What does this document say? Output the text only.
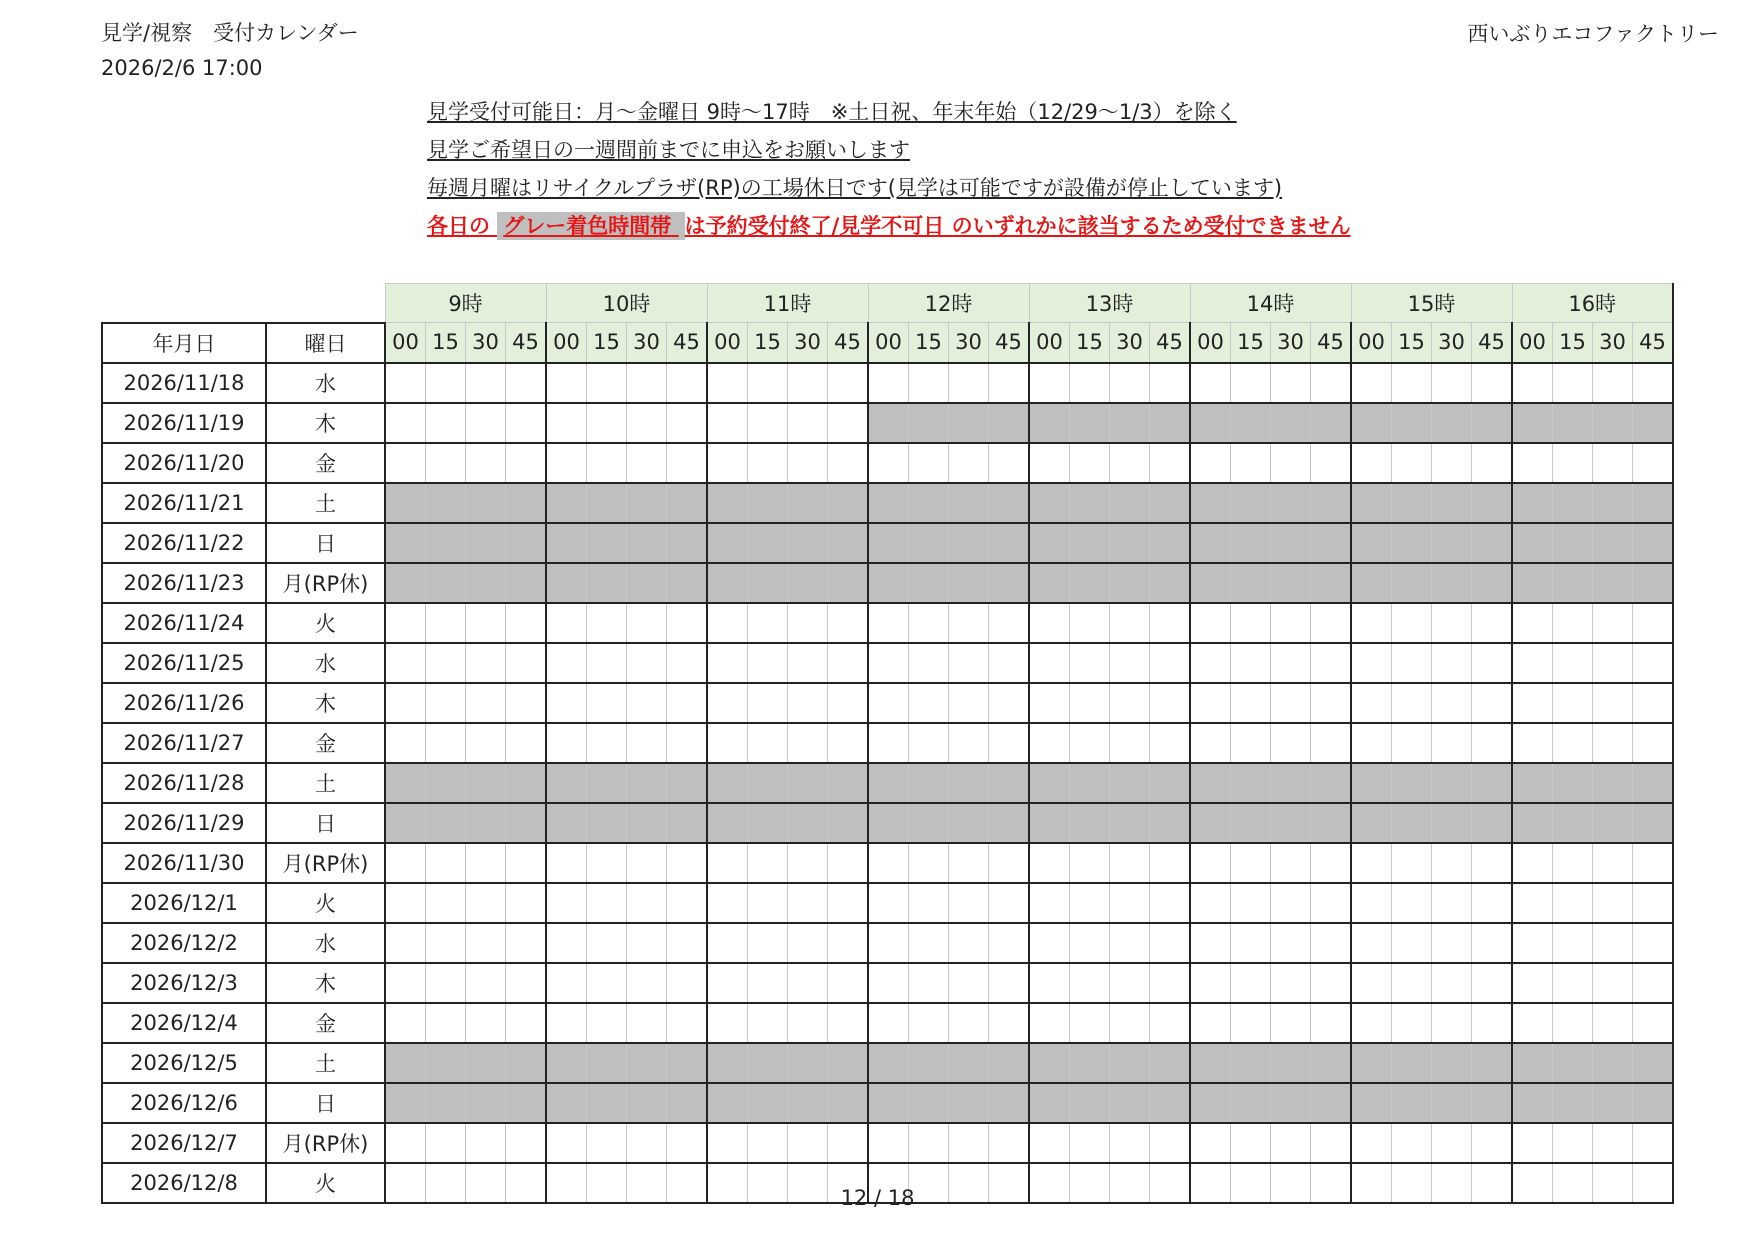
見学/視察　受付カレンダー
2026/2/6 17:00
西いぶりエコファクトリー
見学受付可能日：月～金曜日 9時～17時　※土日祝、年末年始（12/29～1/3）を除く
見学ご希望日の一週間前までに申込をお願いします
毎週月曜はリサイクルプラザ(RP)の工場休日です(見学は可能ですが設備が停止しています)
各日の グレー着色時間帯 は予約受付終了/見学不可日 のいずれかに該当するため受付できません
		9時				10時				11時				12時				13時				14時				15時				16時			
年月日	曜日	00	15	30	45	00	15	30	45	00	15	30	45	00	15	30	45	00	15	30	45	00	15	30	45	00	15	30	45	00	15	30	45
2026/11/18	水																																
2026/11/19	木																																
2026/11/20	金																																
2026/11/21	土																																
2026/11/22	日																																
2026/11/23	月(RP休)																																
2026/11/24	火																																
2026/11/25	水																																
2026/11/26	木																																
2026/11/27	金																																
2026/11/28	土																																
2026/11/29	日																																
2026/11/30	月(RP休)																																
2026/12/1	火																																
2026/12/2	水																																
2026/12/3	木																																
2026/12/4	金																																
2026/12/5	土																																
2026/12/6	日																																
2026/12/7	月(RP休)																																
2026/12/8	火																																
12 / 18
